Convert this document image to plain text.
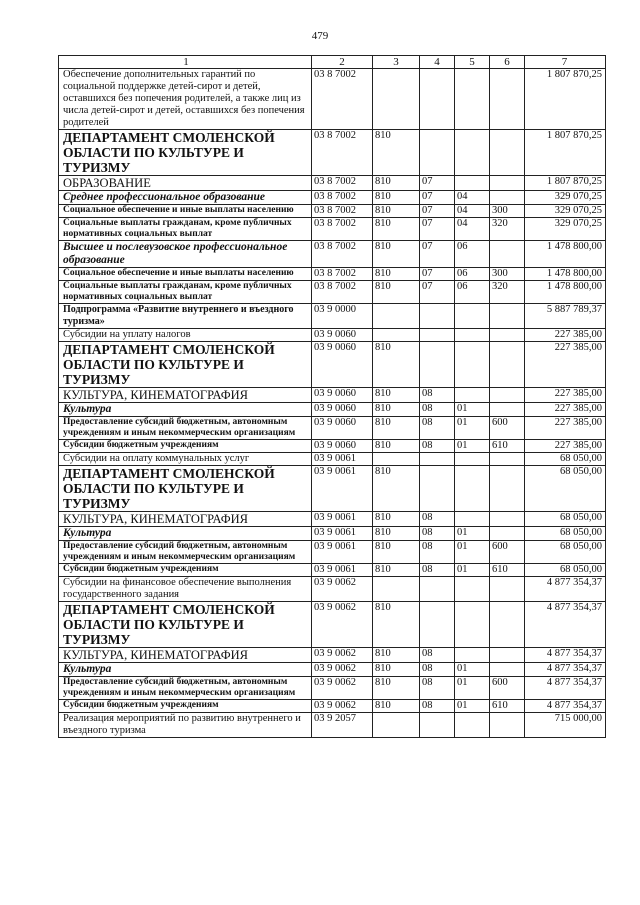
479
1	2	3	4	5	6	7
Обеспечение дополнительных гарантий по социальной поддержке детей-сирот и детей, оставшихся без попечения родителей, а также лиц из числа детей-сирот и детей, оставшихся без попечения родителей	03 8 7002					1 807 870,25
ДЕПАРТАМЕНТ СМОЛЕНСКОЙ ОБЛАСТИ ПО КУЛЬТУРЕ И ТУРИЗМУ	03 8 7002	810				1 807 870,25
ОБРАЗОВАНИЕ	03 8 7002	810	07			1 807 870,25
Среднее профессиональное образование	03 8 7002	810	07	04		329 070,25
Социальное обеспечение и иные выплаты населению	03 8 7002	810	07	04	300	329 070,25
Социальные выплаты гражданам, кроме публичных нормативных социальных выплат	03 8 7002	810	07	04	320	329 070,25
Высшее и послевузовское профессиональное образование	03 8 7002	810	07	06		1 478 800,00
Социальное обеспечение и иные выплаты населению	03 8 7002	810	07	06	300	1 478 800,00
Социальные выплаты гражданам, кроме публичных нормативных социальных выплат	03 8 7002	810	07	06	320	1 478 800,00
Подпрограмма «Развитие внутреннего и въездного туризма»	03 9 0000					5 887 789,37
Субсидии на уплату налогов	03 9 0060					227 385,00
ДЕПАРТАМЕНТ СМОЛЕНСКОЙ ОБЛАСТИ ПО КУЛЬТУРЕ И ТУРИЗМУ	03 9 0060	810				227 385,00
КУЛЬТУРА, КИНЕМАТОГРАФИЯ	03 9 0060	810	08			227 385,00
Культура	03 9 0060	810	08	01		227 385,00
Предоставление субсидий бюджетным, автономным учреждениям и иным некоммерческим организациям	03 9 0060	810	08	01	600	227 385,00
Субсидии бюджетным учреждениям	03 9 0060	810	08	01	610	227 385,00
Субсидии на оплату коммунальных услуг	03 9 0061					68 050,00
ДЕПАРТАМЕНТ СМОЛЕНСКОЙ ОБЛАСТИ ПО КУЛЬТУРЕ И ТУРИЗМУ	03 9 0061	810				68 050,00
КУЛЬТУРА, КИНЕМАТОГРАФИЯ	03 9 0061	810	08			68 050,00
Культура	03 9 0061	810	08	01		68 050,00
Предоставление субсидий бюджетным, автономным учреждениям и иным некоммерческим организациям	03 9 0061	810	08	01	600	68 050,00
Субсидии бюджетным учреждениям	03 9 0061	810	08	01	610	68 050,00
Субсидии на финансовое обеспечение выполнения государственного задания	03 9 0062					4 877 354,37
ДЕПАРТАМЕНТ СМОЛЕНСКОЙ ОБЛАСТИ ПО КУЛЬТУРЕ И ТУРИЗМУ	03 9 0062	810				4 877 354,37
КУЛЬТУРА, КИНЕМАТОГРАФИЯ	03 9 0062	810	08			4 877 354,37
Культура	03 9 0062	810	08	01		4 877 354,37
Предоставление субсидий бюджетным, автономным учреждениям и иным некоммерческим организациям	03 9 0062	810	08	01	600	4 877 354,37
Субсидии бюджетным учреждениям	03 9 0062	810	08	01	610	4 877 354,37
Реализация мероприятий по развитию внутреннего и въездного туризма	03 9 2057					715 000,00
